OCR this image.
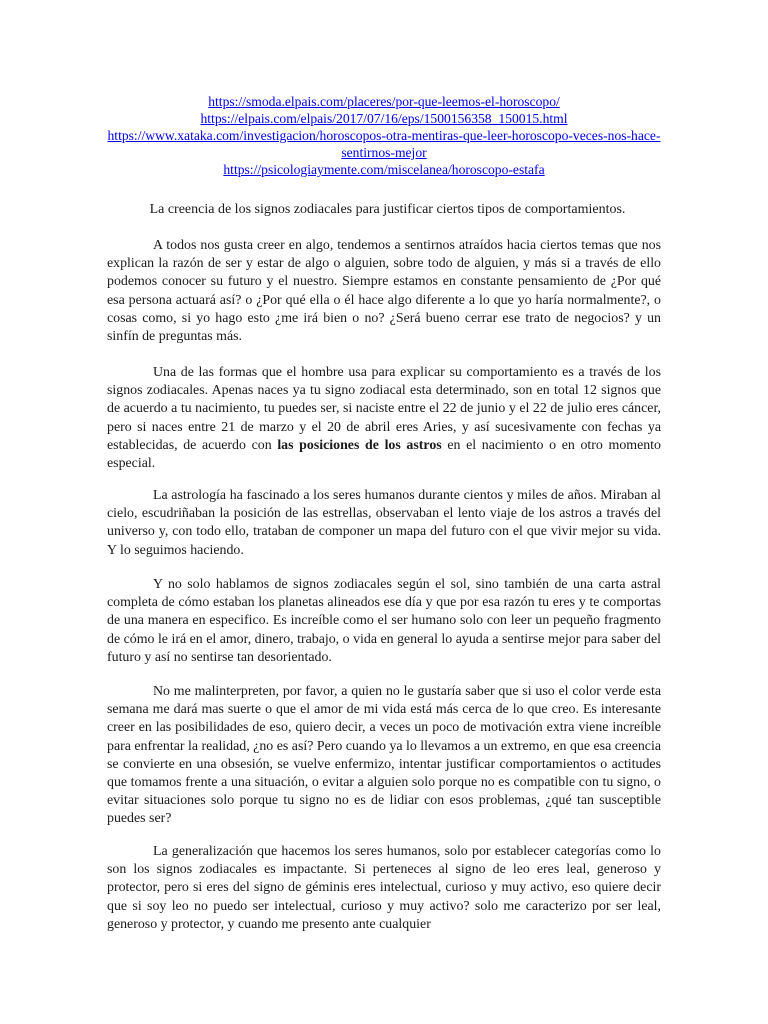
https://smoda.elpais.com/placeres/por-que-leemos-el-horoscopo/
https://elpais.com/elpais/2017/07/16/eps/1500156358_150015.html
https://www.xataka.com/investigacion/horoscopos-otra-mentiras-que-leer-horoscopo-veces-nos-hace-sentirnos-mejor
https://psicologiaymente.com/miscelanea/horoscopo-estafa
La creencia de los signos zodiacales para justificar ciertos tipos de comportamientos.

A todos nos gusta creer en algo, tendemos a sentirnos atraídos hacia ciertos temas que nos explican la razón de ser y estar de algo o alguien, sobre todo de alguien, y más si a través de ello podemos conocer su futuro y el nuestro. Siempre estamos en constante pensamiento de ¿Por qué esa persona actuará así? o ¿Por qué ella o él hace algo diferente a lo que yo haría normalmente?, o cosas como, si yo hago esto ¿me irá bien o no? ¿Será bueno cerrar ese trato de negocios? y un sinfín de preguntas más.

Una de las formas que el hombre usa para explicar su comportamiento es a través de los signos zodiacales. Apenas naces ya tu signo zodiacal esta determinado, son en total 12 signos que de acuerdo a tu nacimiento, tu puedes ser, si naciste entre el 22 de junio y el 22 de julio eres cáncer, pero si naces entre 21 de marzo y el 20 de abril eres Aries, y así sucesivamente con fechas ya establecidas, de acuerdo con las posiciones de los astros en el nacimiento o en otro momento especial.

La astrología ha fascinado a los seres humanos durante cientos y miles de años. Miraban al cielo, escudriñaban la posición de las estrellas, observaban el lento viaje de los astros a través del universo y, con todo ello, trataban de componer un mapa del futuro con el que vivir mejor su vida. Y lo seguimos haciendo.

Y no solo hablamos de signos zodiacales según el sol, sino también de una carta astral completa de cómo estaban los planetas alineados ese día y que por esa razón tu eres y te comportas de una manera en especifico. Es increíble como el ser humano solo con leer un pequeño fragmento de cómo le irá en el amor, dinero, trabajo, o vida en general lo ayuda a sentirse mejor para saber del futuro y así no sentirse tan desorientado.

No me malinterpreten, por favor, a quien no le gustaría saber que si uso el color verde esta semana me dará mas suerte o que el amor de mi vida está más cerca de lo que creo. Es interesante creer en las posibilidades de eso, quiero decir, a veces un poco de motivación extra viene increíble para enfrentar la realidad, ¿no es así? Pero cuando ya lo llevamos a un extremo, en que esa creencia se convierte en una obsesión, se vuelve enfermizo, intentar justificar comportamientos o actitudes que tomamos frente a una situación, o evitar a alguien solo porque no es compatible con tu signo, o evitar situaciones solo porque tu signo no es de lidiar con esos problemas, ¿qué tan susceptible puedes ser?

La generalización que hacemos los seres humanos, solo por establecer categorías como lo son los signos zodiacales es impactante. Si perteneces al signo de leo eres leal, generoso y protector, pero si eres del signo de géminis eres intelectual, curioso y muy activo, eso quiere decir que si soy leo no puedo ser intelectual, curioso y muy activo? solo me caracterizo por ser leal, generoso y protector, y cuando me presento ante cualquier
